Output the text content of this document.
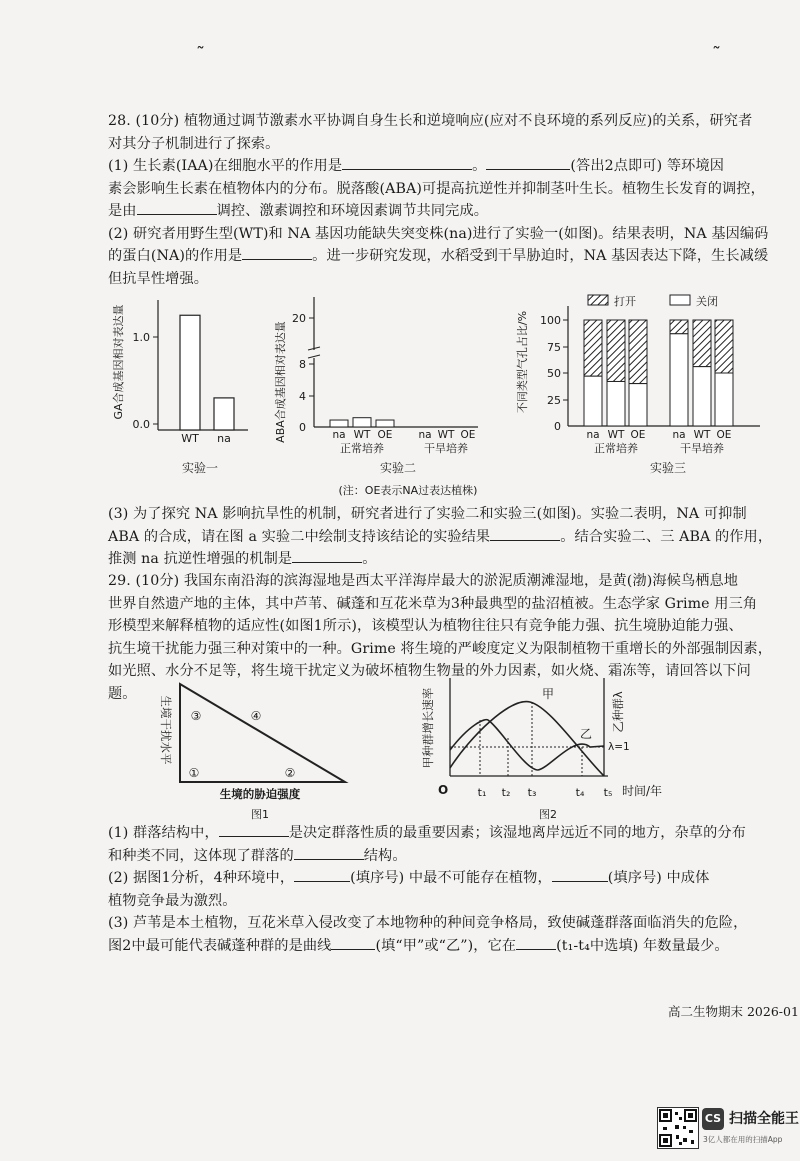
˜	˜
28. (10分) 植物通过调节激素水平协调自身生长和逆境响应(应对不良环境的系列反应)的关系，研究者
对其分子机制进行了探索。
(1) 生长素(IAA)在细胞水平的作用是	。	(答出2点即可) 等环境因
素会影响生长素在植物体内的分布。脱落酸(ABA)可提高抗逆性并抑制茎叶生长。植物生长发育的调控，
是由	调控、激素调控和环境因素调节共同完成。
(2) 研究者用野生型(WT)和 NA 基因功能缺失突变株(na)进行了实验一(如图)。结果表明，NA 基因编码
的蛋白(NA)的作用是	。进一步研究发现，水稻受到干旱胁迫时，NA 基因表达下降，生长减缓
但抗旱性增强。
GA合成基因相对表达量 1.0
0.0
WT na
实验一
ABA合成基因相对表达量
20
8
4
0
na WT OE na WT OE
正常培养	干旱培养
实验二
打开	关闭
不同类型气孔占比/% 100
75
50
25
0
na WT OE	na WT OE
正常培养	干旱培养
实验三
(注：OE表示NA过表达植株)
(3) 为了探究 NA 影响抗旱性的机制，研究者进行了实验二和实验三(如图)。实验二表明，NA 可抑制
ABA 的合成，请在图 a 实验二中绘制支持该结论的实验结果	。结合实验二、三 ABA 的作用，
推测 na 抗逆性增强的机制是	。
29. (10分) 我国东南沿海的滨海湿地是西太平洋海岸最大的淤泥质潮滩湿地，是黄(渤)海候鸟栖息地
世界自然遗产地的主体，其中芦苇、碱蓬和互花米草为3种最典型的盐沼植被。生态学家 Grime 用三角
形模型来解释植物的适应性(如图1所示)，该模型认为植物往往只有竞争能力强、抗生境胁迫能力强、
抗生境干扰能力强三种对策中的一种。Grime 将生境的严峻度定义为限制植物干重增长的外部强制因素，
如光照、水分不足等，将生境干扰定义为破坏植物生物量的外力因素，如火烧、霜冻等，请回答以下问题。
生境干扰水平 ③	④
①	②
生境的胁迫强度
图1
甲种群增长速率	乙种群λ
甲
乙
λ=1
O	t₁ t₂ t₃	t₄ t₅ 时间/年
图2
(1) 群落结构中，	是决定群落性质的最重要因素；该湿地离岸远近不同的地方，杂草的分布
和种类不同，这体现了群落的	结构。
(2) 据图1分析，4种环境中，	(填序号) 中最不可能存在植物，	(填序号) 中成体
植物竞争最为激烈。
(3) 芦苇是本土植物，互花米草入侵改变了本地物种的种间竞争格局，致使碱蓬群落面临消失的危险，
图2中最可能代表碱蓬种群的是曲线	(填“甲”或“乙”)，它在	(t₁-t₄中选填) 年数量最少。
高二生物期末 2026-01
CS 扫描全能王
3亿人都在用的扫描App
